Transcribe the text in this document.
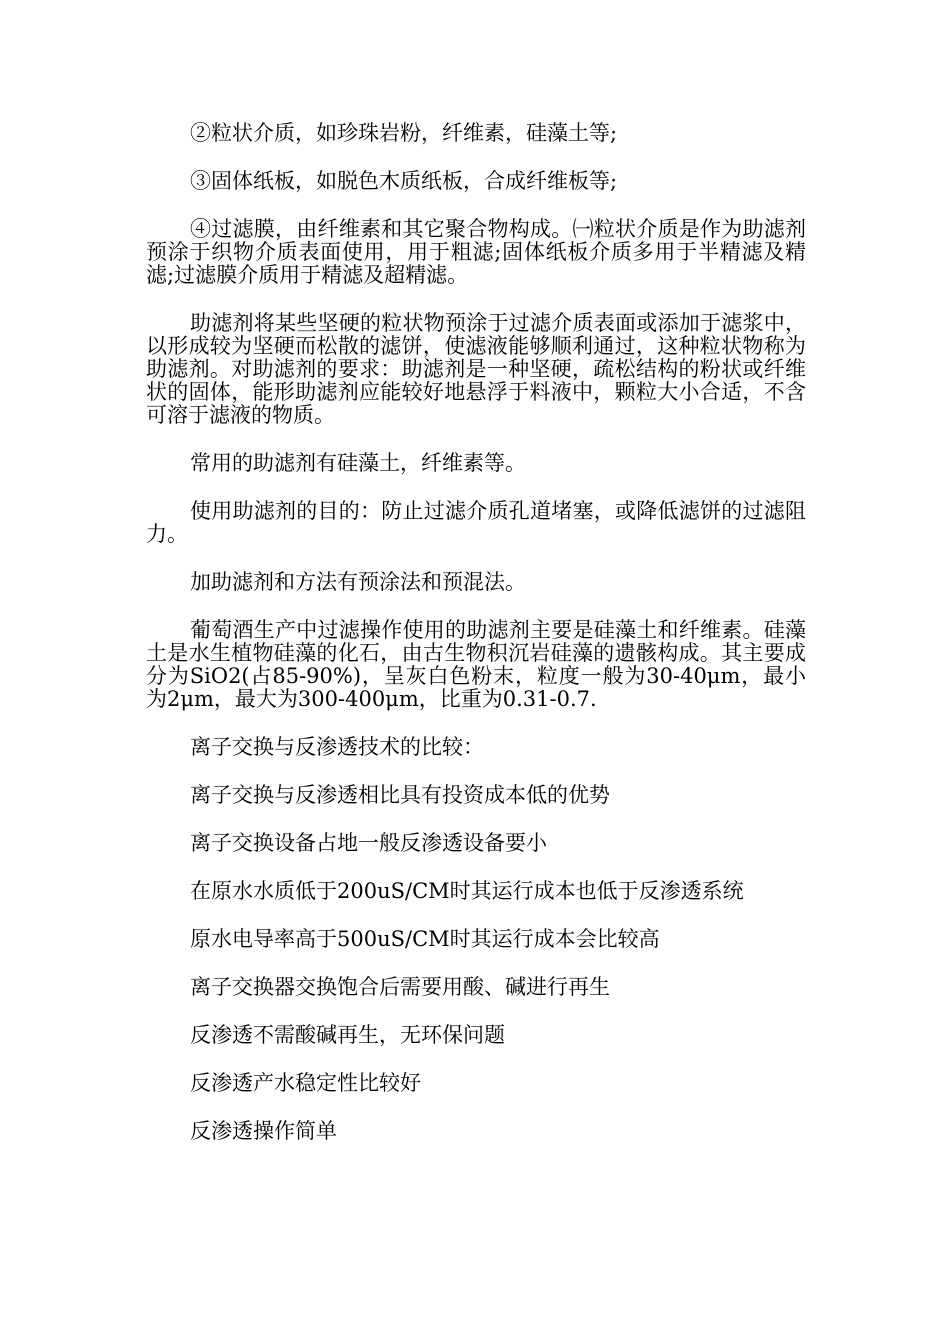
②粒状介质，如珍珠岩粉，纤维素，硅藻土等;

③固体纸板，如脱色木质纸板，合成纤维板等;

④过滤膜，由纤维素和其它聚合物构成。㈠粒状介质是作为助滤剂预涂于织物介质表面使用，用于粗滤;固体纸板介质多用于半精滤及精滤;过滤膜介质用于精滤及超精滤。

助滤剂将某些坚硬的粒状物预涂于过滤介质表面或添加于滤浆中，以形成较为坚硬而松散的滤饼，使滤液能够顺利通过，这种粒状物称为助滤剂。对助滤剂的要求：助滤剂是一种坚硬，疏松结构的粉状或纤维状的固体，能形助滤剂应能较好地悬浮于料液中，颗粒大小合适，不含可溶于滤液的物质。

常用的助滤剂有硅藻土，纤维素等。

使用助滤剂的目的：防止过滤介质孔道堵塞，或降低滤饼的过滤阻力。

加助滤剂和方法有预涂法和预混法。

葡萄酒生产中过滤操作使用的助滤剂主要是硅藻土和纤维素。硅藻土是水生植物硅藻的化石，由古生物积沉岩硅藻的遗骸构成。其主要成分为SiO2(占85-90%)，呈灰白色粉末，粒度一般为30-40μm，最小为2μm，最大为300-400μm，比重为0.31-0.7.

离子交换与反渗透技术的比较：

离子交换与反渗透相比具有投资成本低的优势

离子交换设备占地一般反渗透设备要小

在原水水质低于200uS/CM时其运行成本也低于反渗透系统

原水电导率高于500uS/CM时其运行成本会比较高

离子交换器交换饱合后需要用酸、碱进行再生

反渗透不需酸碱再生，无环保问题

反渗透产水稳定性比较好

反渗透操作简单
